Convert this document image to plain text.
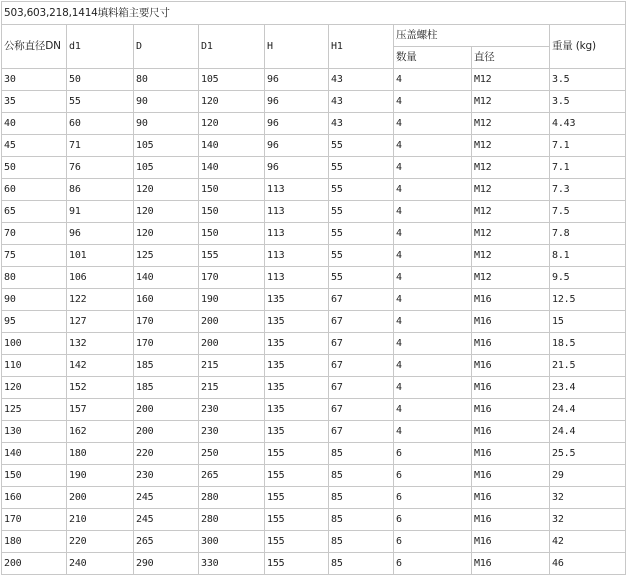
503,603,218,1414填料箱主要尺寸								
公称直径DN	d1	D	D1	H	H1	压盖螺柱		重量 (kg)
						数量	直径	
30	50	80	105	96	43	4	M12	3.5
35	55	90	120	96	43	4	M12	3.5
40	60	90	120	96	43	4	M12	4.43
45	71	105	140	96	55	4	M12	7.1
50	76	105	140	96	55	4	M12	7.1
60	86	120	150	113	55	4	M12	7.3
65	91	120	150	113	55	4	M12	7.5
70	96	120	150	113	55	4	M12	7.8
75	101	125	155	113	55	4	M12	8.1
80	106	140	170	113	55	4	M12	9.5
90	122	160	190	135	67	4	M16	12.5
95	127	170	200	135	67	4	M16	15
100	132	170	200	135	67	4	M16	18.5
110	142	185	215	135	67	4	M16	21.5
120	152	185	215	135	67	4	M16	23.4
125	157	200	230	135	67	4	M16	24.4
130	162	200	230	135	67	4	M16	24.4
140	180	220	250	155	85	6	M16	25.5
150	190	230	265	155	85	6	M16	29
160	200	245	280	155	85	6	M16	32
170	210	245	280	155	85	6	M16	32
180	220	265	300	155	85	6	M16	42
200	240	290	330	155	85	6	M16	46
